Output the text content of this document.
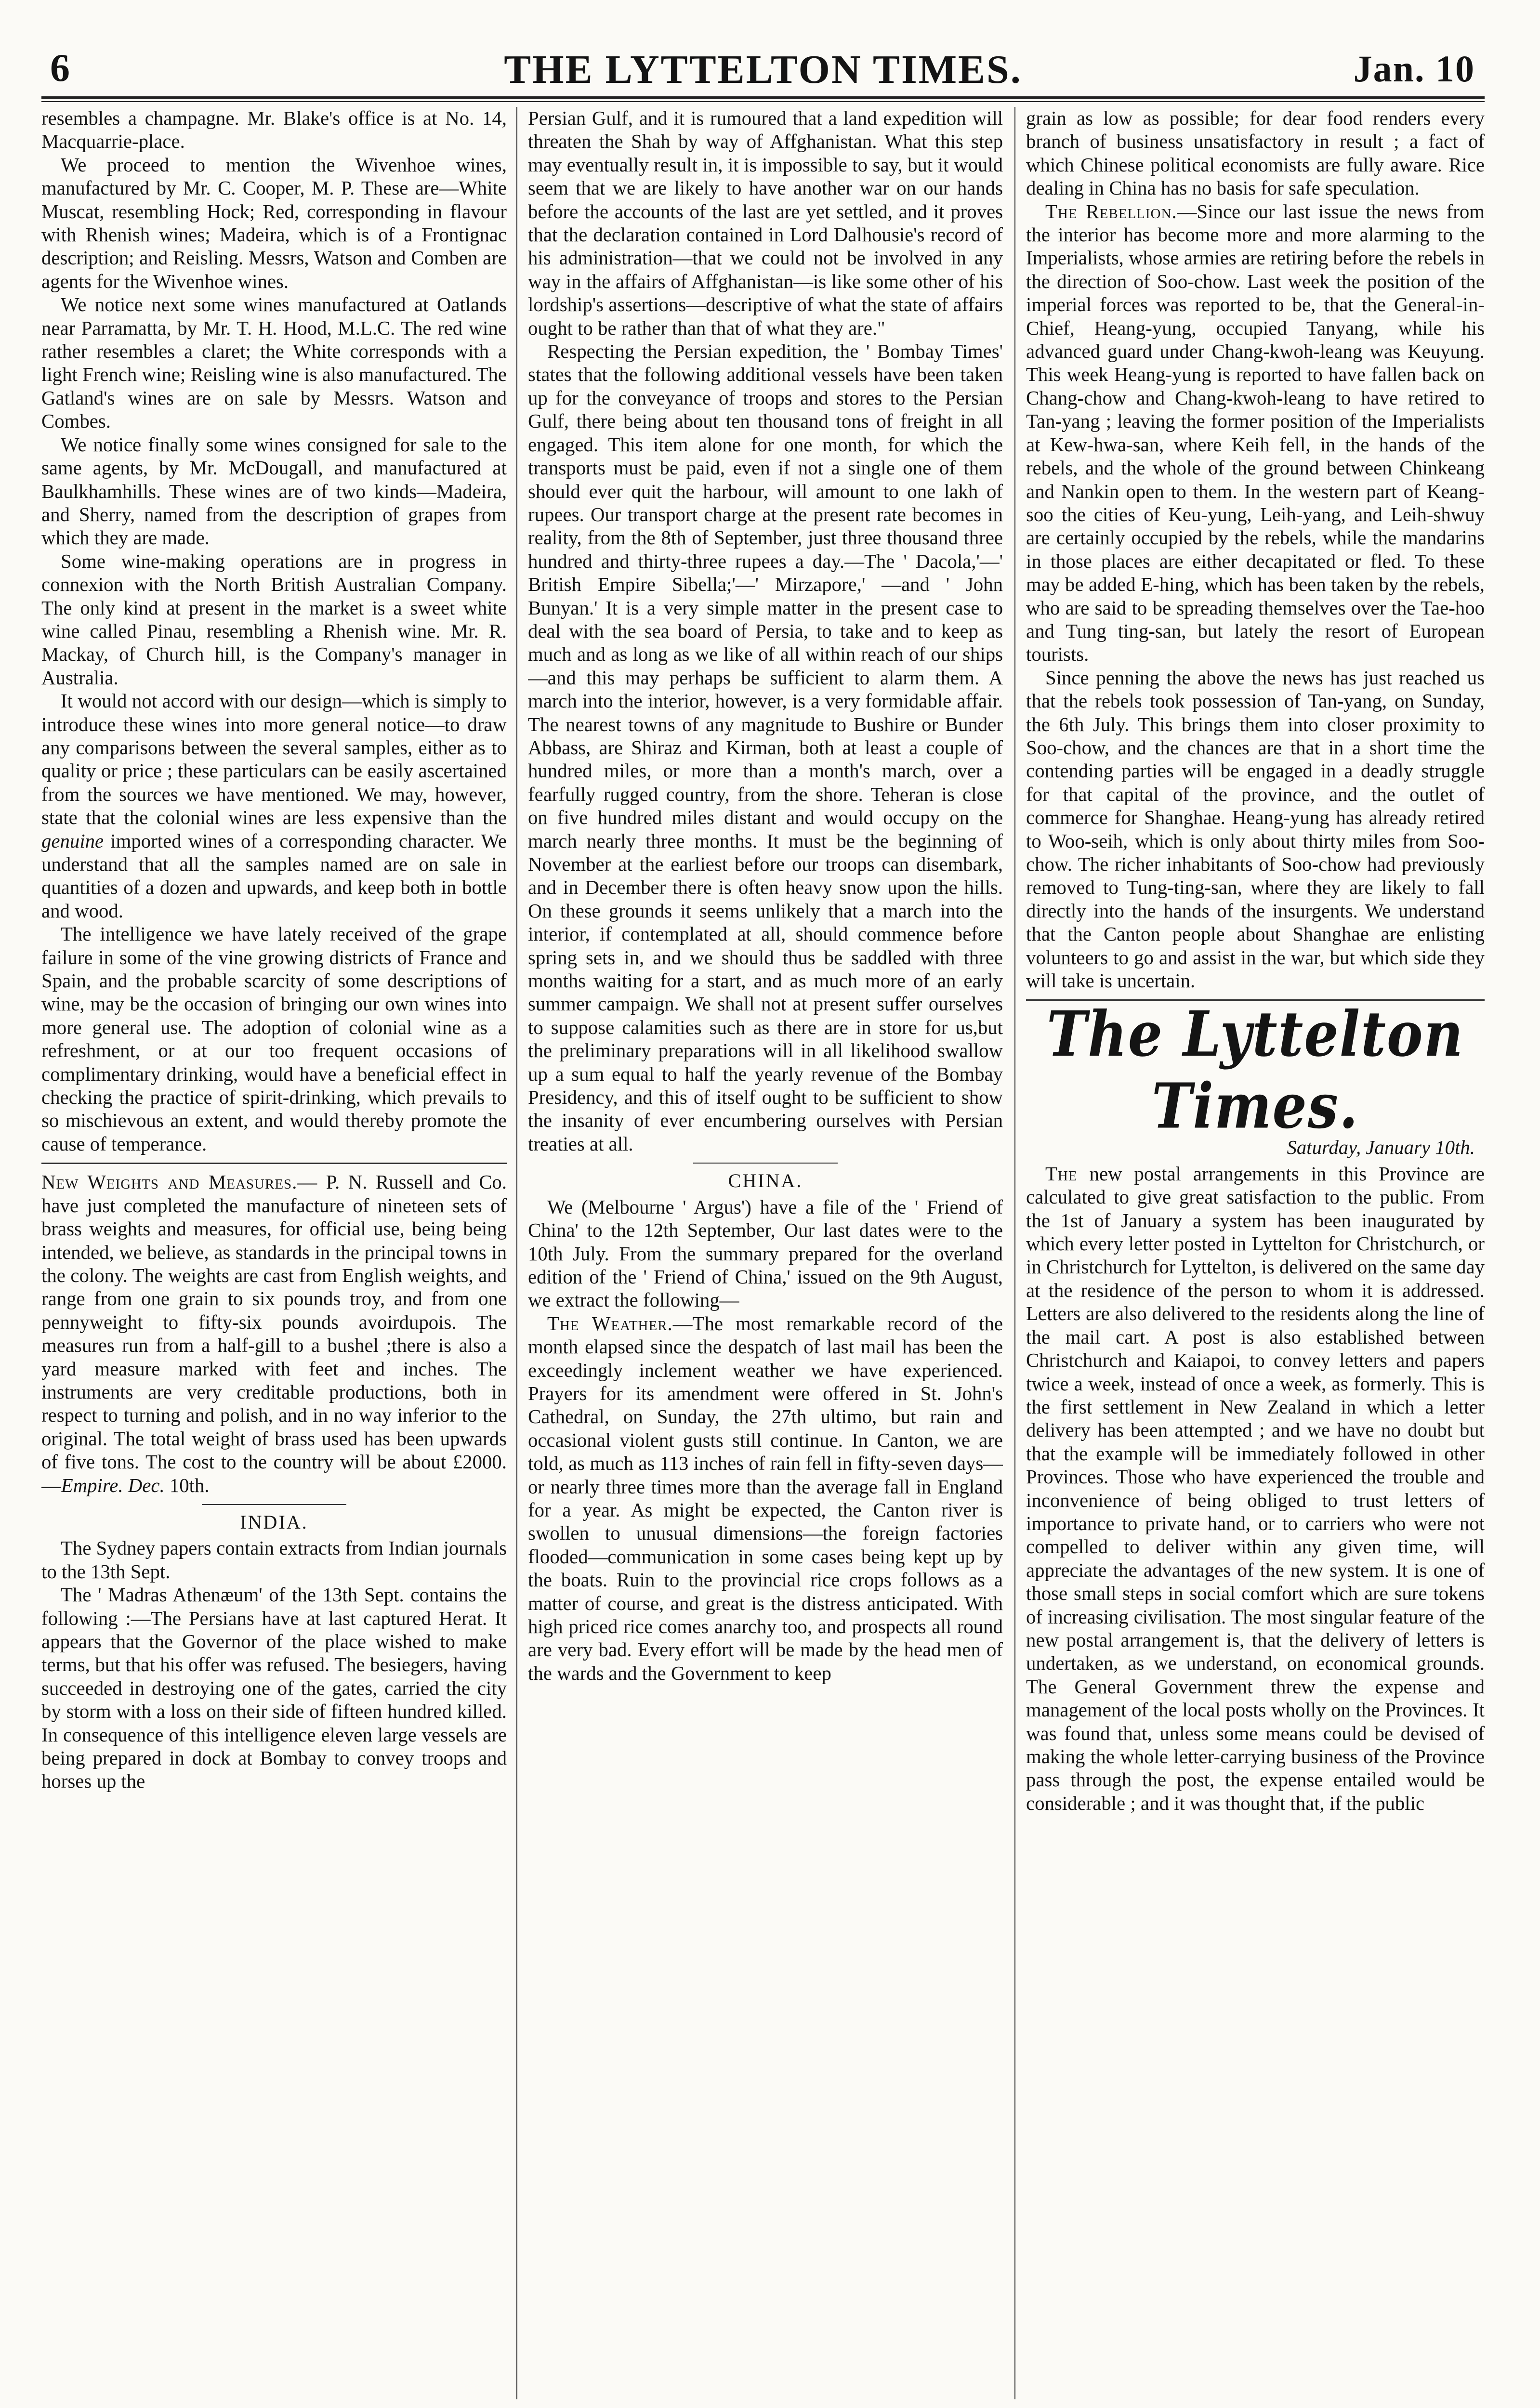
6	THE LYTTELTON TIMES.	Jan. 10

resembles a champagne. Mr. Blake's office is at No. 14, Macquarrie-place.

We proceed to mention the Wivenhoe wines, manufactured by Mr. C. Cooper, M. P. These are—White Muscat, resembling Hock; Red, corresponding in flavour with Rhenish wines; Madeira, which is of a Frontignac description; and Reisling. Messrs, Watson and Comben are agents for the Wivenhoe wines.

We notice next some wines manufactured at Oatlands near Parramatta, by Mr. T. H. Hood, M.L.C. The red wine rather resembles a claret; the White corresponds with a light French wine; Reisling wine is also manufactured. The Gatland's wines are on sale by Messrs. Watson and Combes.

We notice finally some wines consigned for sale to the same agents, by Mr. McDougall, and manufactured at Baulkhamhills. These wines are of two kinds—Madeira, and Sherry, named from the description of grapes from which they are made.

Some wine-making operations are in progress in connexion with the North British Australian Company. The only kind at present in the market is a sweet white wine called Pinau, resembling a Rhenish wine. Mr. R. Mackay, of Church hill, is the Company's manager in Australia.

It would not accord with our design—which is simply to introduce these wines into more general notice—to draw any comparisons between the several samples, either as to quality or price ; these particulars can be easily ascertained from the sources we have mentioned. We may, however, state that the colonial wines are less expensive than the genuine imported wines of a corresponding character. We understand that all the samples named are on sale in quantities of a dozen and upwards, and keep both in bottle and wood.

The intelligence we have lately received of the grape failure in some of the vine growing districts of France and Spain, and the probable scarcity of some descriptions of wine, may be the occasion of bringing our own wines into more general use. The adoption of colonial wine as a refreshment, or at our too frequent occasions of complimentary drinking, would have a beneficial effect in checking the practice of spirit-drinking, which prevails to so mischievous an extent, and would thereby promote the cause of temperance.

New Weights and Measures.— P. N. Russell and Co. have just completed the manufacture of nineteen sets of brass weights and measures, for official use, being being intended, we believe, as standards in the principal towns in the colony. The weights are cast from English weights, and range from one grain to six pounds troy, and from one pennyweight to fifty-six pounds avoirdupois. The measures run from a half-gill to a bushel ;there is also a yard measure marked with feet and inches. The instruments are very creditable productions, both in respect to turning and polish, and in no way inferior to the original. The total weight of brass used has been upwards of five tons. The cost to the country will be about £2000.—Empire. Dec. 10th.

INDIA.

The Sydney papers contain extracts from Indian journals to the 13th Sept.

The ' Madras Athenæum' of the 13th Sept. contains the following :—The Persians have at last captured Herat. It appears that the Governor of the place wished to make terms, but that his offer was refused. The besiegers, having succeeded in destroying one of the gates, carried the city by storm with a loss on their side of fifteen hundred killed. In consequence of this intelligence eleven large vessels are being prepared in dock at Bombay to convey troops and horses up the

Persian Gulf, and it is rumoured that a land expedition will threaten the Shah by way of Affghanistan. What this step may eventually result in, it is impossible to say, but it would seem that we are likely to have another war on our hands before the accounts of the last are yet settled, and it proves that the declaration contained in Lord Dalhousie's record of his administration—that we could not be involved in any way in the affairs of Affghanistan—is like some other of his lordship's assertions—descriptive of what the state of affairs ought to be rather than that of what they are."

Respecting the Persian expedition, the ' Bombay Times' states that the following additional vessels have been taken up for the conveyance of troops and stores to the Persian Gulf, there being about ten thousand tons of freight in all engaged. This item alone for one month, for which the transports must be paid, even if not a single one of them should ever quit the harbour, will amount to one lakh of rupees. Our transport charge at the present rate becomes in reality, from the 8th of September, just three thousand three hundred and thirty-three rupees a day.—The ' Dacola,'—' British Empire Sibella;'—' Mirzapore,' —and ' John Bunyan.' It is a very simple matter in the present case to deal with the sea board of Persia, to take and to keep as much and as long as we like of all within reach of our ships—and this may perhaps be sufficient to alarm them. A march into the interior, however, is a very formidable affair. The nearest towns of any magnitude to Bushire or Bunder Abbass, are Shiraz and Kirman, both at least a couple of hundred miles, or more than a month's march, over a fearfully rugged country, from the shore. Teheran is close on five hundred miles distant and would occupy on the march nearly three months. It must be the beginning of November at the earliest before our troops can disembark, and in December there is often heavy snow upon the hills. On these grounds it seems unlikely that a march into the interior, if contemplated at all, should commence before spring sets in, and we should thus be saddled with three months waiting for a start, and as much more of an early summer campaign. We shall not at present suffer ourselves to suppose calamities such as there are in store for us,but the preliminary preparations will in all likelihood swallow up a sum equal to half the yearly revenue of the Bombay Presidency, and this of itself ought to be sufficient to show the insanity of ever encumbering ourselves with Persian treaties at all.

CHINA.

We (Melbourne ' Argus') have a file of the ' Friend of China' to the 12th September, Our last dates were to the 10th July. From the summary prepared for the overland edition of the ' Friend of China,' issued on the 9th August, we extract the following—

The Weather.—The most remarkable record of the month elapsed since the despatch of last mail has been the exceedingly inclement weather we have experienced. Prayers for its amendment were offered in St. John's Cathedral, on Sunday, the 27th ultimo, but rain and occasional violent gusts still continue. In Canton, we are told, as much as 113 inches of rain fell in fifty-seven days—or nearly three times more than the average fall in England for a year. As might be expected, the Canton river is swollen to unusual dimensions—the foreign factories flooded—communication in some cases being kept up by the boats. Ruin to the provincial rice crops follows as a matter of course, and great is the distress anticipated. With high priced rice comes anarchy too, and prospects all round are very bad. Every effort will be made by the head men of the wards and the Government to keep

grain as low as possible; for dear food renders every branch of business unsatisfactory in result ; a fact of which Chinese political economists are fully aware. Rice dealing in China has no basis for safe speculation.

The Rebellion.—Since our last issue the news from the interior has become more and more alarming to the Imperialists, whose armies are retiring before the rebels in the direction of Soo-chow. Last week the position of the imperial forces was reported to be, that the General-in-Chief, Heang-yung, occupied Tanyang, while his advanced guard under Chang-kwoh-leang was Keuyung. This week Heang-yung is reported to have fallen back on Chang-chow and Chang-kwoh-leang to have retired to Tan-yang ; leaving the former position of the Imperialists at Kew-hwa-san, where Keih fell, in the hands of the rebels, and the whole of the ground between Chinkeang and Nankin open to them. In the western part of Keang-soo the cities of Keu-yung, Leih-yang, and Leih-shwuy are certainly occupied by the rebels, while the mandarins in those places are either decapitated or fled. To these may be added E-hing, which has been taken by the rebels, who are said to be spreading themselves over the Tae-hoo and Tung ting-san, but lately the resort of European tourists.

Since penning the above the news has just reached us that the rebels took possession of Tan-yang, on Sunday, the 6th July. This brings them into closer proximity to Soo-chow, and the chances are that in a short time the contending parties will be engaged in a deadly struggle for that capital of the province, and the outlet of commerce for Shanghae. Heang-yung has already retired to Woo-seih, which is only about thirty miles from Soo-chow. The richer inhabitants of Soo-chow had previously removed to Tung-ting-san, where they are likely to fall directly into the hands of the insurgents. We understand that the Canton people about Shanghae are enlisting volunteers to go and assist in the war, but which side they will take is uncertain.

The Lyttelton Times.
Saturday, January 10th.

The new postal arrangements in this Province are calculated to give great satisfaction to the public. From the 1st of January a system has been inaugurated by which every letter posted in Lyttelton for Christchurch, or in Christchurch for Lyttelton, is delivered on the same day at the residence of the person to whom it is addressed. Letters are also delivered to the residents along the line of the mail cart. A post is also established between Christchurch and Kaiapoi, to convey letters and papers twice a week, instead of once a week, as formerly. This is the first settlement in New Zealand in which a letter delivery has been attempted ; and we have no doubt but that the example will be immediately followed in other Provinces. Those who have experienced the trouble and inconvenience of being obliged to trust letters of importance to private hand, or to carriers who were not compelled to deliver within any given time, will appreciate the advantages of the new system. It is one of those small steps in social comfort which are sure tokens of increasing civilisation. The most singular feature of the new postal arrangement is, that the delivery of letters is undertaken, as we understand, on economical grounds. The General Government threw the expense and management of the local posts wholly on the Provinces. It was found that, unless some means could be devised of making the whole letter-carrying business of the Province pass through the post, the expense entailed would be considerable ; and it was thought that, if the public
